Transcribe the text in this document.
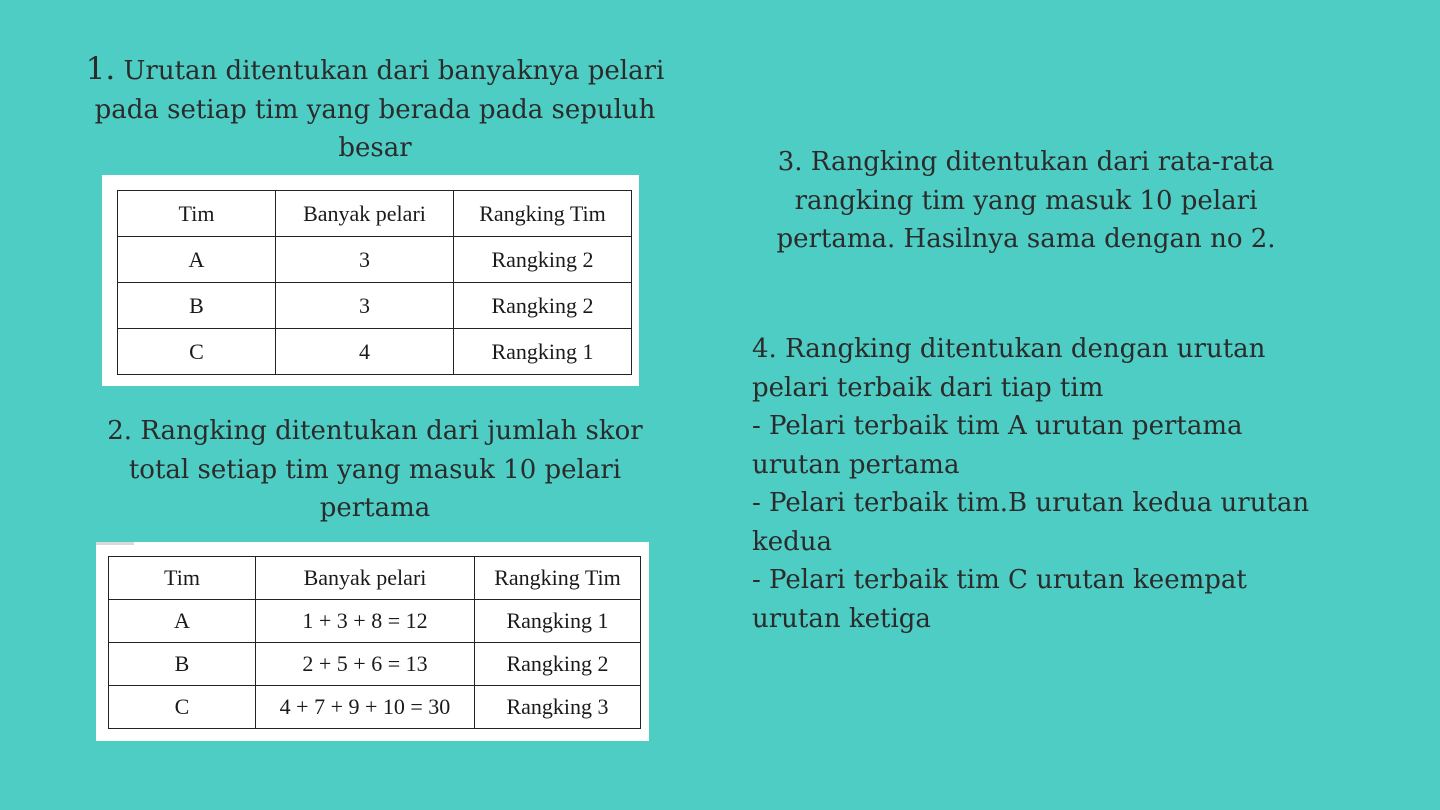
1. Urutan ditentukan dari banyaknya pelari
pada setiap tim yang berada pada sepuluh
besar
Tim	Banyak pelari	Rangking Tim
A	3	Rangking 2
B	3	Rangking 2
C	4	Rangking 1
2. Rangking ditentukan dari jumlah skor
total setiap tim yang masuk 10 pelari
pertama
Tim	Banyak pelari	Rangking Tim
A	1 + 3 + 8 = 12	Rangking 1
B	2 + 5 + 6 = 13	Rangking 2
C	4 + 7 + 9 + 10 = 30	Rangking 3
3. Rangking ditentukan dari rata-rata
rangking tim yang masuk 10 pelari
pertama. Hasilnya sama dengan no 2.
4. Rangking ditentukan dengan urutan
pelari terbaik dari tiap tim
- Pelari terbaik tim A urutan pertama
urutan pertama
- Pelari terbaik tim.B urutan kedua urutan
kedua
- Pelari terbaik tim C urutan keempat
urutan ketiga
